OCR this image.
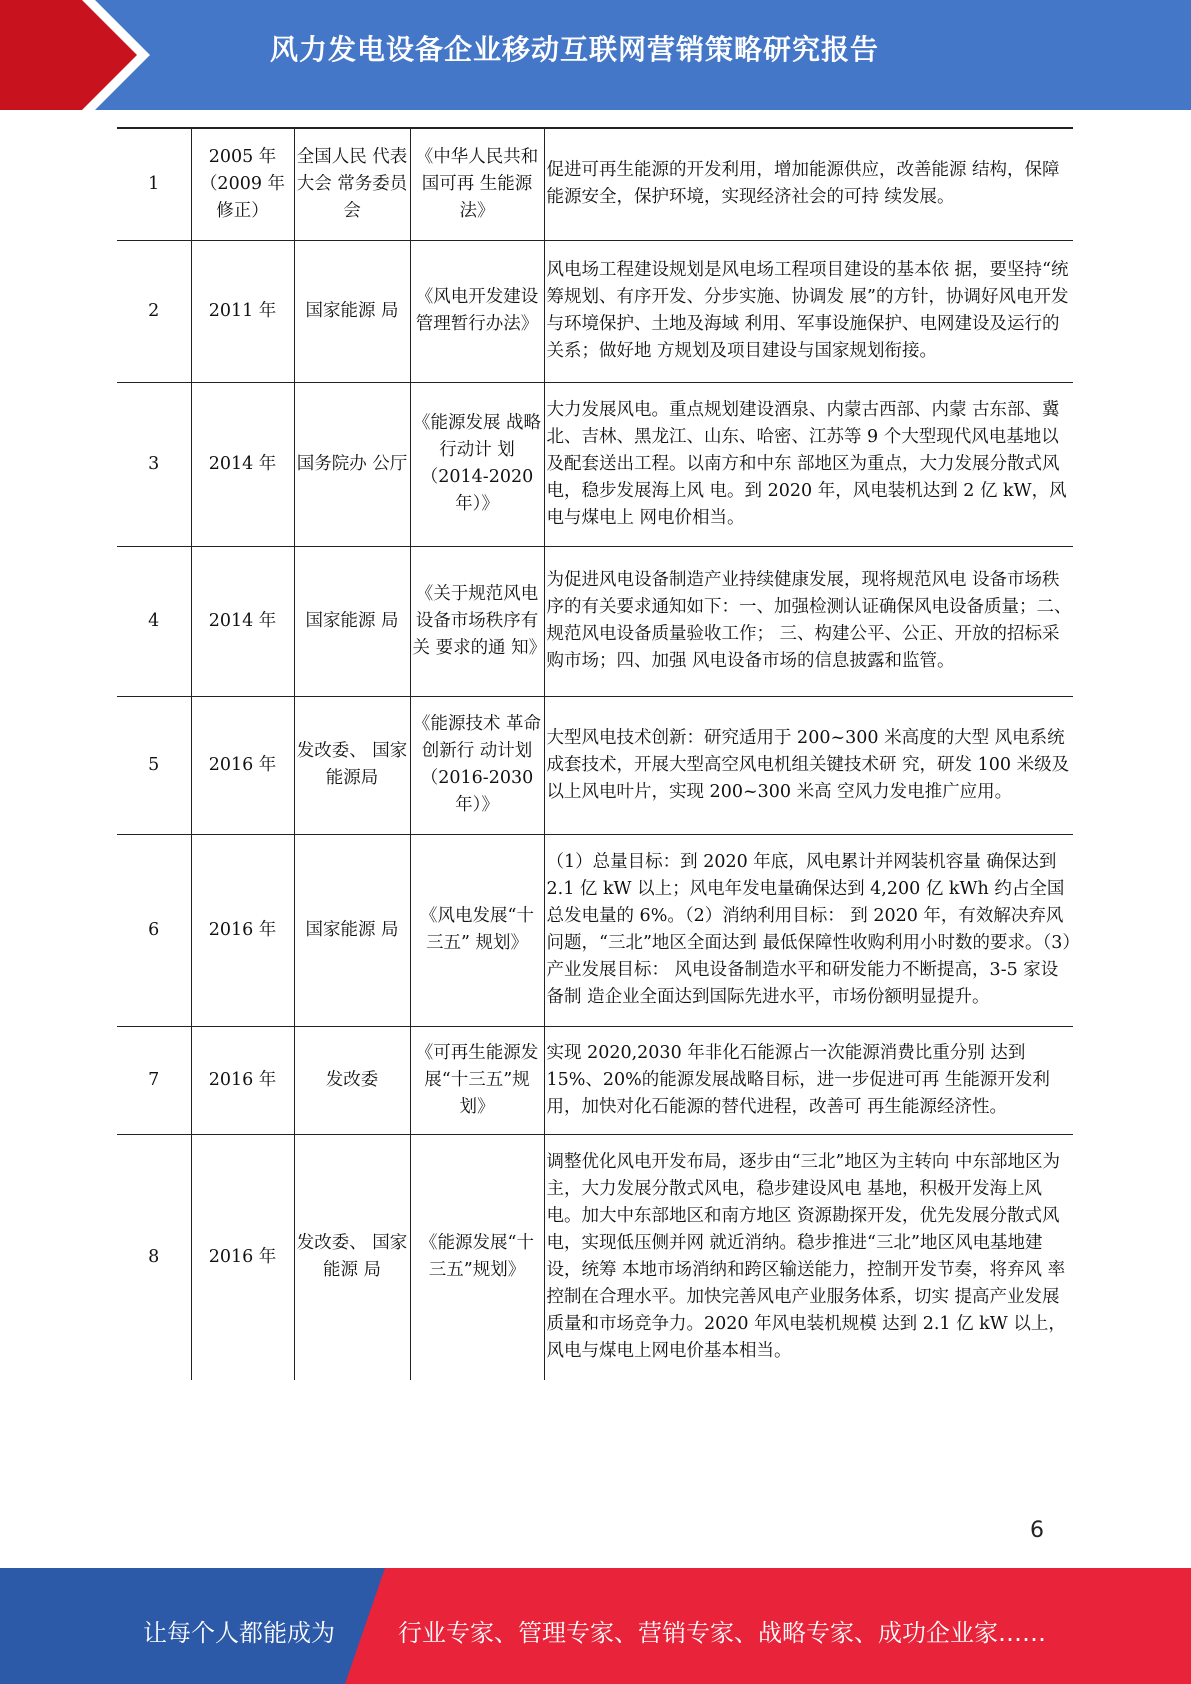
风力发电设备企业移动互联网营销策略研究报告
1	2005 年（2009 年修正）	全国人民 代表大会 常务委员会	《中华人民共和国可再 生能源法》	促进可再生能源的开发利用，增加能源供应，改善能源 结构，保障能源安全，保护环境，实现经济社会的可持 续发展。
2	2011 年	国家能源 局	《风电开发建设管理暂行办法》	风电场工程建设规划是风电场工程项目建设的基本依 据，要坚持“统筹规划、有序开发、分步实施、协调发 展”的方针，协调好风电开发与环境保护、土地及海域 利用、军事设施保护、电网建设及运行的关系；做好地 方规划及项目建设与国家规划衔接。
3	2014 年	国务院办 公厅	《能源发展 战略行动计 划（2014-2020 年）》	大力发展风电。重点规划建设酒泉、内蒙古西部、内蒙 古东部、冀北、吉林、黑龙江、山东、哈密、江苏等 9 个大型现代风电基地以及配套送出工程。以南方和中东 部地区为重点，大力发展分散式风电，稳步发展海上风 电。到 2020 年，风电装机达到 2 亿 kW，风电与煤电上 网电价相当。
4	2014 年	国家能源 局	《关于规范风电设备市场秩序有关 要求的通 知》	为促进风电设备制造产业持续健康发展，现将规范风电 设备市场秩序的有关要求通知如下：一、加强检测认证确保风电设备质量；二、规范风电设备质量验收工作； 三、构建公平、公正、开放的招标采购市场；四、加强 风电设备市场的信息披露和监管。
5	2016 年	发改委、 国家能源局	《能源技术 革命创新行 动计划（2016-2030 年）》	大型风电技术创新：研究适用于 200~300 米高度的大型 风电系统成套技术，开展大型高空风电机组关键技术研 究，研发 100 米级及以上风电叶片，实现 200~300 米高 空风力发电推广应用。
6	2016 年	国家能源 局	《风电发展“十三五” 规划》	（1）总量目标：到 2020 年底，风电累计并网装机容量 确保达到 2.1 亿 kW 以上；风电年发电量确保达到 4,200 亿 kWh 约占全国总发电量的 6%。（2）消纳利用目标： 到 2020 年，有效解决弃风问题，“三北”地区全面达到 最低保障性收购利用小时数的要求。（3）产业发展目标： 风电设备制造水平和研发能力不断提高，3-5 家设备制 造企业全面达到国际先进水平，市场份额明显提升。
7	2016 年	发改委	《可再生能源发展“十三五”规 划》	实现 2020,2030 年非化石能源占一次能源消费比重分别 达到 15%、20%的能源发展战略目标，进一步促进可再 生能源开发利用，加快对化石能源的替代进程，改善可 再生能源经济性。
8	2016 年	发改委、 国家能源 局	《能源发展“十三五”规划》	调整优化风电开发布局，逐步由“三北”地区为主转向 中东部地区为主，大力发展分散式风电，稳步建设风电 基地，积极开发海上风电。加大中东部地区和南方地区 资源勘探开发，优先发展分散式风电，实现低压侧并网 就近消纳。稳步推进“三北”地区风电基地建设，统筹 本地市场消纳和跨区输送能力，控制开发节奏，将弃风 率控制在合理水平。加快完善风电产业服务体系，切实 提高产业发展质量和市场竞争力。2020 年风电装机规模 达到 2.1 亿 kW 以上，风电与煤电上网电价基本相当。
6
让每个人都能成为	行业专家、管理专家、营销专家、战略专家、成功企业家……
